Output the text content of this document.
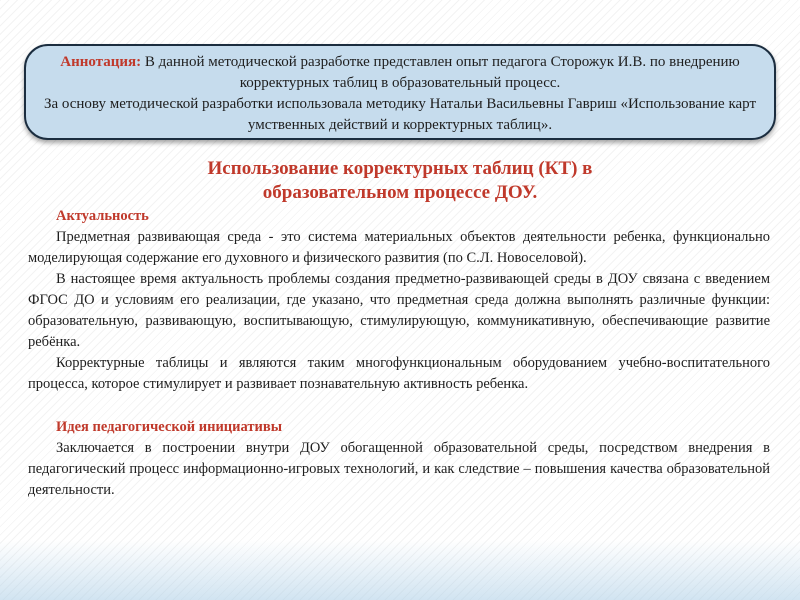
Аннотация: В данной методической разработке представлен опыт педагога Сторожук И.В. по внедрению корректурных таблиц в образовательный процесс.
За основу методической разработки использовала методику Натальи Васильевны Гавриш «Использование карт умственных действий и корректурных таблиц».
Использование корректурных таблиц (КТ) в
образовательном процессе ДОУ.

Актуальность

Предметная развивающая среда - это система материальных объектов деятельности ребенка, функционально моделирующая содержание его духовного и физического развития (по С.Л. Новоселовой).

В настоящее время актуальность проблемы создания предметно-развивающей среды в ДОУ связана с введением ФГОС ДО и условиям его реализации, где указано, что предметная среда должна выполнять различные функции: образовательную, развивающую, воспитывающую, стимулирующую, коммуникативную, обеспечивающие развитие ребёнка.

Корректурные таблицы и являются таким многофункциональным оборудованием учебно-воспитательного процесса, которое стимулирует и развивает познавательную активность ребенка.

Идея педагогической инициативы

Заключается в построении внутри ДОУ обогащенной образовательной среды, посредством внедрения в педагогический процесс информационно-игровых технологий, и как следствие – повышения качества образовательной деятельности.
